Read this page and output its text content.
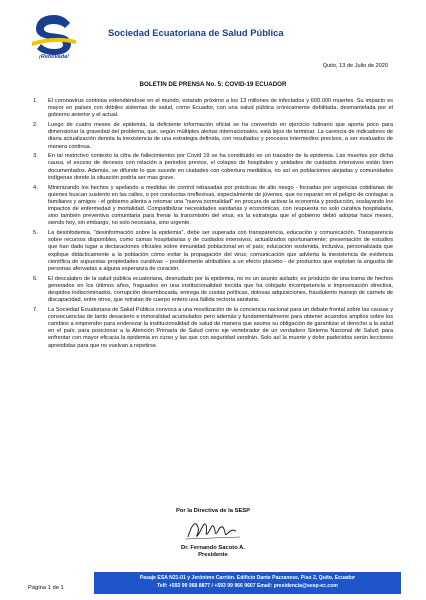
¡Renovada!
Sociedad Ecuatoriana de Salud Pública
Quito, 13 de Julio de 2020
BOLETIN DE PRENSA No. 5: COVID-19 ECUADOR
1. El coronavirus continúa extendiéndose en el mundo, estando próximo a los 13 millones de infectados y 600.000 muertes. Su impacto es mayor en países con débiles sistemas de salud, como Ecuador, con una salud pública crónicamente debilitada, desmantelada por el gobierno anterior y el actual.
2. Luego de cuatro meses de epidemia, la deficiente información oficial se ha convertido en ejercicio rutinario que aporta poco para dimensionar la gravedad del problema, que, según múltiples alertas internacionales, está lejos de terminar. La carencia de indicadores de diaria actualización denota la inexistencia de una estrategia definida, con resultados y procesos intermedios precisos, a ser evaluados de manera continua.
3. En tal restrictivo contexto la cifra de fallecimientos por Covid 19 se ha constituido en un trazador de la epidemia. Las muertes por dicha causa, el exceso de decesos con relación a periodos previos, el colapso de hospitales y unidades de cuidados intensivos están bien documentados. Además, se difunde lo que sucede en ciudades con cobertura mediática, no así en poblaciones alejadas y comunidades indígenas donde la situación podría ser mas grave.
4. Minimizando los hechos y apelando a medidas de control rebasadas por prácticas de alto riesgo - forzadas por urgencias cotidianas de quienes buscan sustento en las calles, o por conductas irreflexivas, especialmente de jóvenes, que no reparan en el peligro de contagiar a familiares y amigos - el gobierno alienta a retomar una "nueva normalidad" en procura de activar la economía y producción, soslayando los impactos de enfermedad y mortalidad. Compatibilizar necesidades sanitarias y económicas, con respuesta no solo curativa hospitalaria, sino también preventiva comunitaria para frenar la transmisión del virus, es la estrategia que el gobierno debió adoptar hace meses, siendo hoy, sin embargo, no solo necesaria, sino urgente.
5. La desinfodemia, "desinformación sobre la epidemia", debe ser superada con transparencia, educación y comunicación. Transparencia sobre recursos disponibles, como camas hospitalarias y de cuidados intensivos, actualizados oportunamente; presentación de estudios que han dado lugar a declaraciones oficiales sobre inmunidad poblacional en el país; educación sostenida, inclusiva, personalizada que explique didácticamente a la población cómo evitar la propagación del virus; comunicación que advierta la inexistencia de evidencia científica de supuestas propiedades curativas – posiblemente atribuibles a un efecto placebo - de productos que explotan la angustia de personas afervadas a alguna esperanza de curación.
6. El descalabro de la salud pública ecuatoriana, desnudado por la epidemia, no es un asunto aislado; es producto de una trama de hechos generados en los últimos años, fraguados en una institucionalidad torcida que ha cobijado incompetencia e improvisación directiva, despidos indiscriminados, corrupción desembozada, entrega de cuotas políticas, dolosas adquisiciones, fraudulento manejo de carnets de discapacidad, entre otros, que retratan de cuerpo entero una fallida rectoría sanitaria.
7. La Sociedad Ecuatoriana de Salud Pública convoca a una movilización de la conciencia nacional para un debate frontal sobre las causas y consecuencias de tanto desacierto e inmoralidad acumulados pero además y fundamentalmente para obtener acuerdos amplios sobre los cambios a emprender para enderezar la institucionalidad de salud de manera que asuma su obligación de garantizar el derecho a la salud en el país; para posicionar a la Atención Primaria de Salud como eje vertebrador de un verdadero Sistema Nacional de Salud; para enfrentar con mayor eficacia la epidemia en curso y las que con seguridad vendrán. Solo así la muerte y dolor padecidos serán lecciones aprendidas para que no vuelvan a repetirse.
Por la Directiva de la SESP
Dr. Fernando Sacoto A.
Presidente
Pasaje ESA N21-01 y Jerónimo Carrión. Edificio Dante Pazzanese, Piso 2, Quito, Ecuador
Telf: +593 99 968 8877 / +593 99 966 9607 Email: presidencia@sesp-ec.com
Página 1 de 1
